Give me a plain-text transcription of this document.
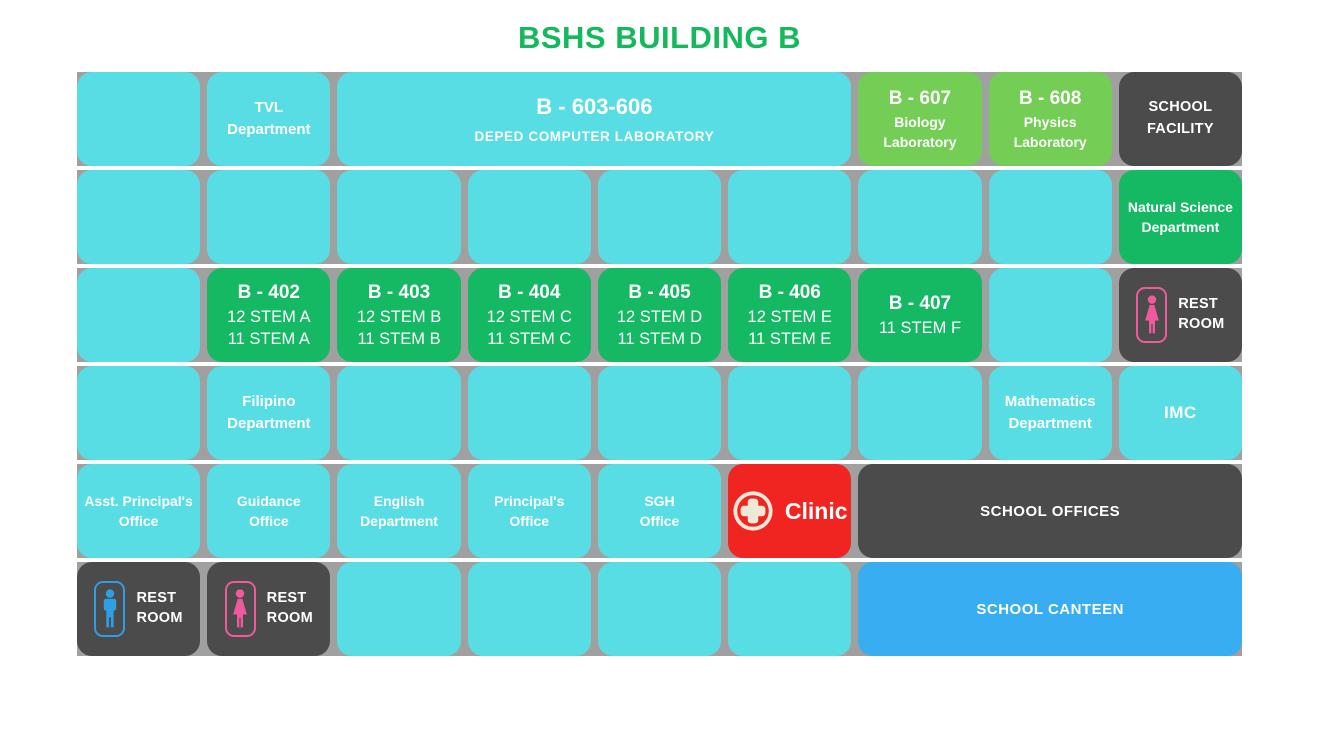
BSHS BUILDING B
TVL
Department
B - 603-606
DEPED COMPUTER LABORATORY
B - 607
Biology
Laboratory
B - 608
Physics
Laboratory
SCHOOL
FACILITY
Natural Science
Department
B - 402
12 STEM A
11 STEM A
B - 403
12 STEM B
11 STEM B
B - 404
12 STEM C
11 STEM C
B - 405
12 STEM D
11 STEM D
B - 406
12 STEM E
11 STEM E
B - 407
11 STEM F
REST
ROOM
Filipino
Department
Mathematics
Department
IMC
Asst. Principal's
Office
Guidance
Office
English
Department
Principal's
Office
SGH
Office	Clinic	SCHOOL OFFICES
REST
ROOM
REST
ROOM
SCHOOL CANTEEN
